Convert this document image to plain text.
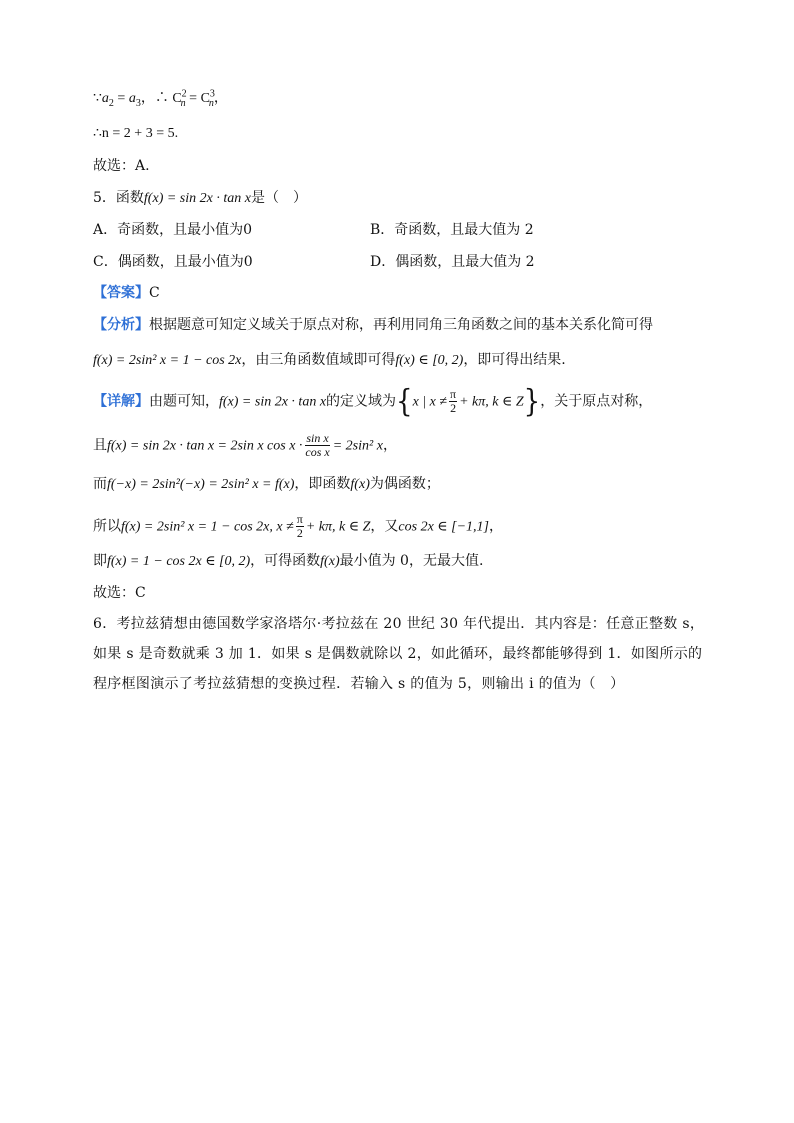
$\because a_2 = a_3$，∴ $C^2_n = C^3_n$，
∴n = 2 + 3 = 5.
故选：A.
5．函数f(x) = sin 2x · tan x是（　）
A．奇函数，且最小值为0	B．奇函数，且最大值为 2
C．偶函数，且最小值为0	D．偶函数，且最大值为 2
【答案】C
【分析】根据题意可知定义域关于原点对称，再利用同角三角函数之间的基本关系化简可得
f(x) = 2sin² x = 1 − cos 2x，由三角函数值域即可得f(x) ∈ [0, 2)，即可得出结果.
【详解】由题可知，f(x) = sin 2x · tan x的定义域为{x | $x \ne \frac{\pi}{2} + k\pi$, k ∈ Z}，关于原点对称，
且f(x) = sin 2x · tan x = 2sin x $\cos x \cdot \frac{\text{sin x}}{\text{cos x}} = 2\sin^2$ x，
而f(−x) = 2sin²(−x) = 2sin² x = f(x)，即函数f(x)为偶函数；
所以f(x) = 2sin² x = 1 − cos 2x, $x \ne \frac{\pi}{2} + k\pi$, k ∈ Z，又cos 2x ∈ [−1,1]，
即f(x) = 1 − cos 2x ∈ [0, 2)，可得函数f(x)最小值为 0，无最大值.
故选：C
6．考拉兹猜想由德国数学家洛塔尔·考拉兹在 20 世纪 30 年代提出．其内容是：任意正整数 s，如果 s 是奇数就乘 3 加 1．如果 s 是偶数就除以 2，如此循环，最终都能够得到 1．如图所示的程序框图演示了考拉兹猜想的变换过程．若输入 s 的值为 5，则输出 i 的值为（　）
